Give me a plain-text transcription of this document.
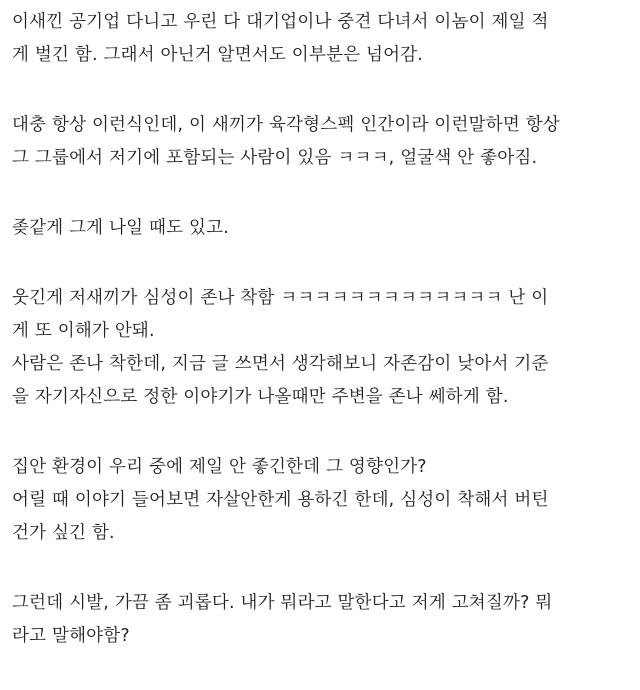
이새낀 공기업 다니고 우린 다 대기업이나 중견 다녀서 이놈이 제일 적
게 벌긴 함. 그래서 아닌거 알면서도 이부분은 넘어감.
대충 항상 이런식인데, 이 새끼가 육각형스펙 인간이라 이런말하면 항상
그 그룹에서 저기에 포함되는 사람이 있음 ㅋㅋㅋ, 얼굴색 안 좋아짐.
좆같게 그게 나일 때도 있고.
웃긴게 저새끼가 심성이 존나 착함 ㅋㅋㅋㅋㅋㅋㅋㅋㅋㅋㅋㅋㅋ 난 이
게 또 이해가 안돼.
사람은 존나 착한데, 지금 글 쓰면서 생각해보니 자존감이 낮아서 기준
을 자기자신으로 정한 이야기가 나올때만 주변을 존나 쎄하게 함.
집안 환경이 우리 중에 제일 안 좋긴한데 그 영향인가?
어릴 때 이야기 들어보면 자살안한게 용하긴 한데, 심성이 착해서 버틴
건가 싶긴 함.
그런데 시발, 가끔 좀 괴롭다. 내가 뭐라고 말한다고 저게 고쳐질까? 뭐
라고 말해야함?
